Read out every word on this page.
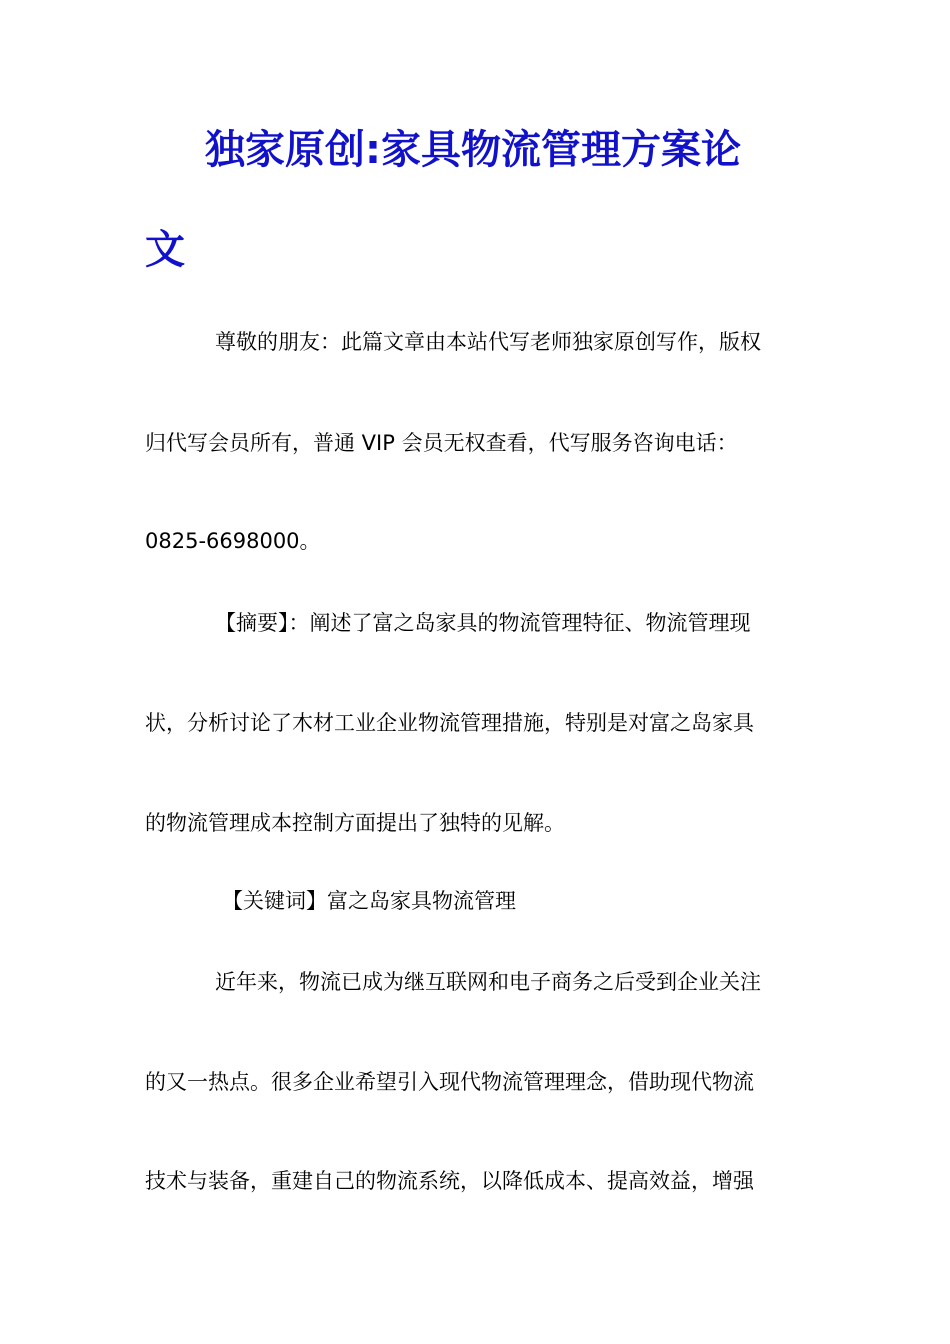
独家原创:家具物流管理方案论
文
尊敬的朋友：此篇文章由本站代写老师独家原创写作，版权
归代写会员所有，普通 VIP 会员无权查看，代写服务咨询电话：
0825-6698000。
【摘要】：阐述了富之岛家具的物流管理特征、物流管理现
状，分析讨论了木材工业企业物流管理措施，特别是对富之岛家具
的物流管理成本控制方面提出了独特的见解。
【关键词】富之岛家具物流管理
近年来，物流已成为继互联网和电子商务之后受到企业关注
的又一热点。很多企业希望引入现代物流管理理念，借助现代物流
技术与装备，重建自己的物流系统，以降低成本、提高效益，增强
